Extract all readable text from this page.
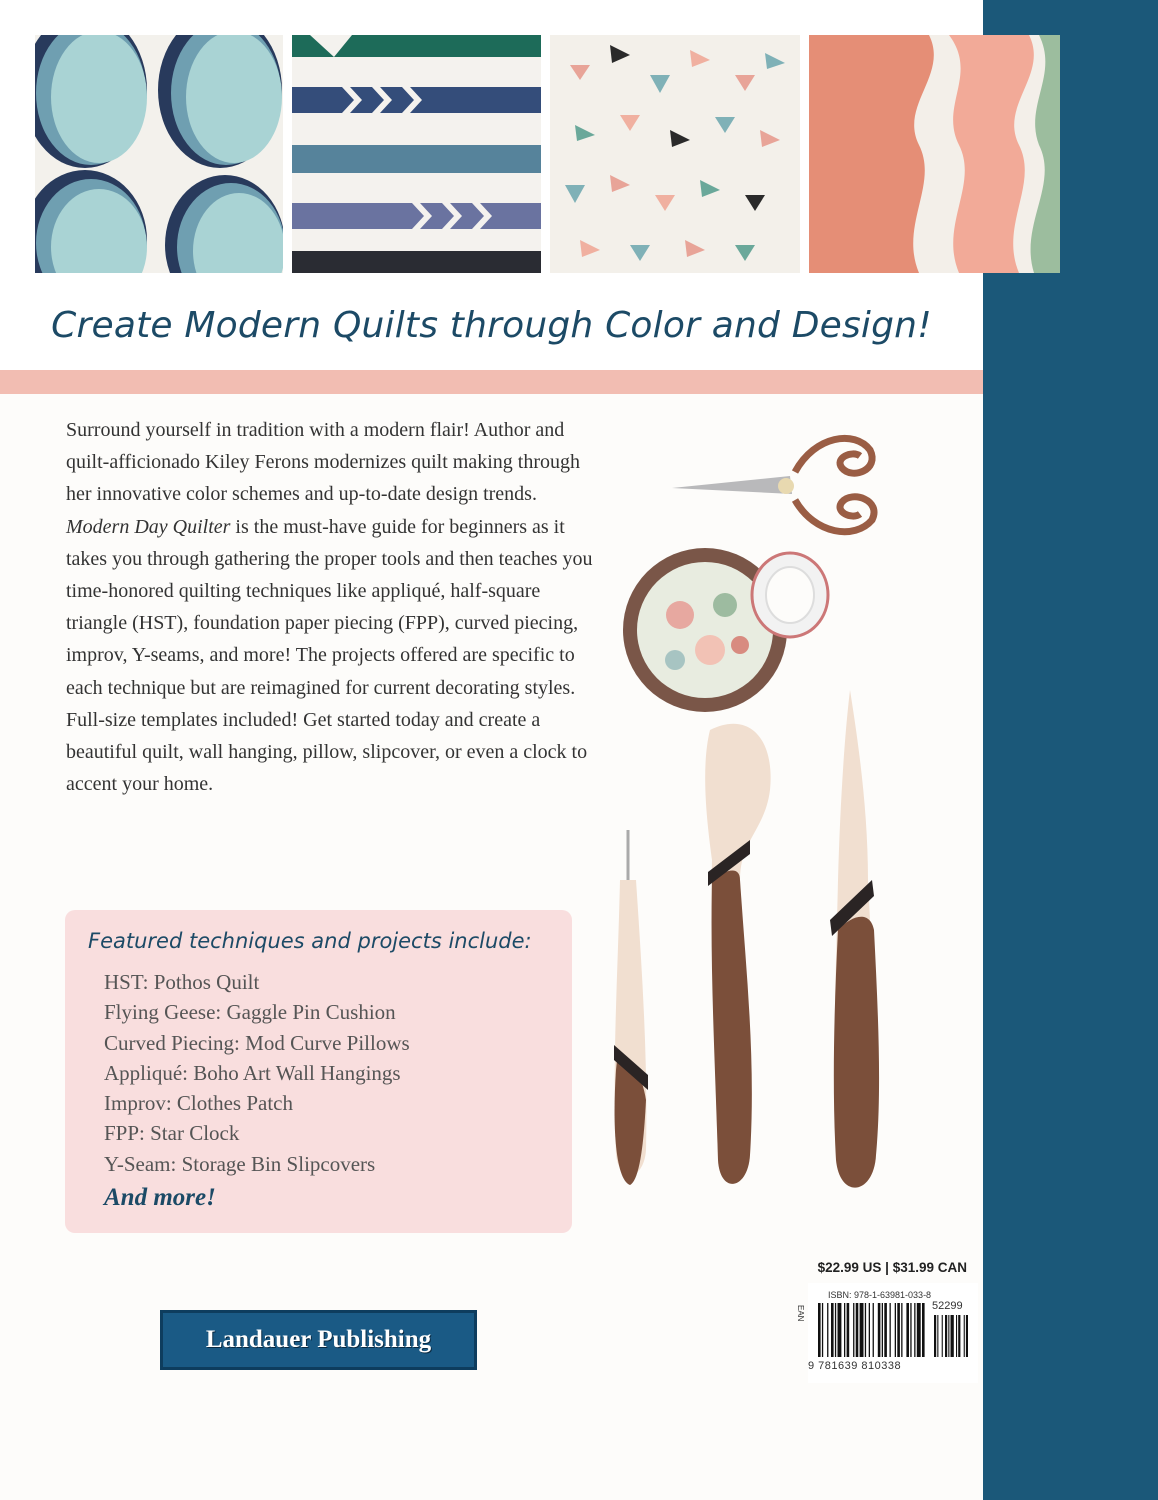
Create Modern Quilts through Color and Design!

Surround yourself in tradition with a modern flair! Author and quilt-afficionado Kiley Ferons modernizes quilt making through her innovative color schemes and up-to-date design trends. Modern Day Quilter is the must-have guide for beginners as it takes you through gathering the proper tools and then teaches you time-honored quilting techniques like appliqué, half-square triangle (HST), foundation paper piecing (FPP), curved piecing, improv, Y-seams, and more! The projects offered are specific to each technique but are reimagined for current decorating styles. Full-size templates included! Get started today and create a beautiful quilt, wall hanging, pillow, slipcover, or even a clock to accent your home.

Featured techniques and projects include:
HST: Pothos Quilt
Flying Geese: Gaggle Pin Cushion
Curved Piecing: Mod Curve Pillows
Appliqué: Boho Art Wall Hangings
Improv: Clothes Patch
FPP: Star Clock
Y-Seam: Storage Bin Slipcovers
And more!
$22.99 US | $31.99 CAN
Landauer Publishing
EAN
ISBN: 978-1-63981-033-8
52299
9 781639 810338
